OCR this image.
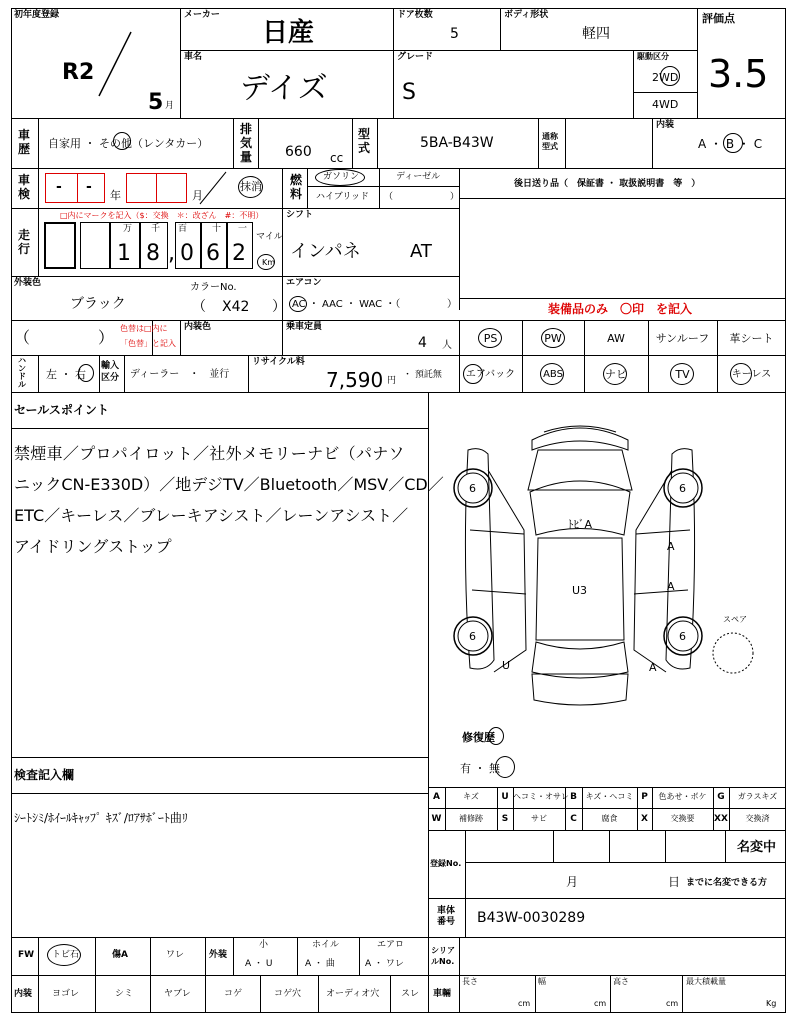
初年度登録
R2
5 月
メーカー
日産
ドア枚数
5
ボディ形状
軽四
評価点
3.5
車名
デイズ
グレード
S
駆動区分
2WD
4WD
車歴 自家用 ・ その他（レンタカー）
排気量 660 cc
型式	5BA-B43W	通称型式
内装
A ・ B ・ C
車検 - -
年	月
抹消 燃料
ガソリン	ディーゼル
ハイブリッド （	）
後日送り品（　保証書 ・ 取扱説明書　等　）
走行
□内にマークを記入（$：交換　＊：改ざん　#：不明）
万 千 百	十 一
1 8 , 0 6 2
マイル
Km
シフト
インパネ	AT
外装色
ブラック
カラーNo.
（ X42 ）
エアコン
AC ・ AAC ・ WAC ・（	）	装備品のみ　〇印　を記入
（	） 色替は□内に
「色替」と記入
内装色	乗車定員
4 人
PS	PW	AW	サンルーフ	革シート
ハンドル
左 ・ 右
輸入区分	ディーラー　・　並行
リサイクル料
7,590 円
・ 預託無	エアバック	ABS	ナビ	TV	キーレス
セールスポイント
禁煙車／プロパイロット／社外メモリーナビ（パナソ
ニックCN-E330D）／地デジTV／Bluetooth／MSV／CD／
ETC／キーレス／ブレーキアシスト／レーンアシスト／
アイドリングストップ
6	6
6	6
ﾄﾋﾞA
U3
A
A
A
U
スペア
修復歴
有 ・ 無
A	キズ	U ヘコミ・オサレ B	キズ・ヘコミ P	色あせ・ボケ	G	ガラスキズ
W	補修跡	S	サビ	C	腐食	X	交換要	XX	交換済
検査記入欄
ｼｰﾄｼﾐ/ﾎｲｰﾙｷｬｯﾌﾟ ｷｽﾞ/ﾛｱｻﾎﾞｰﾄ曲ﾘ
登録No.
名変中
月	日 までに名変できる方
車体番号	B43W-0030289
FW トビ石	傷A	ワレ	外装
小
A ・ U
ホイル
A ・ 曲
エアロ
A ・ ワレ
シリアルNo.
内装 ヨゴレ	シミ	ヤブレ	コゲ	コゲ穴	オーディオ穴 スレ 車輛
長さ
cm
幅
cm
高さ
cm
最大積載量
Kg
